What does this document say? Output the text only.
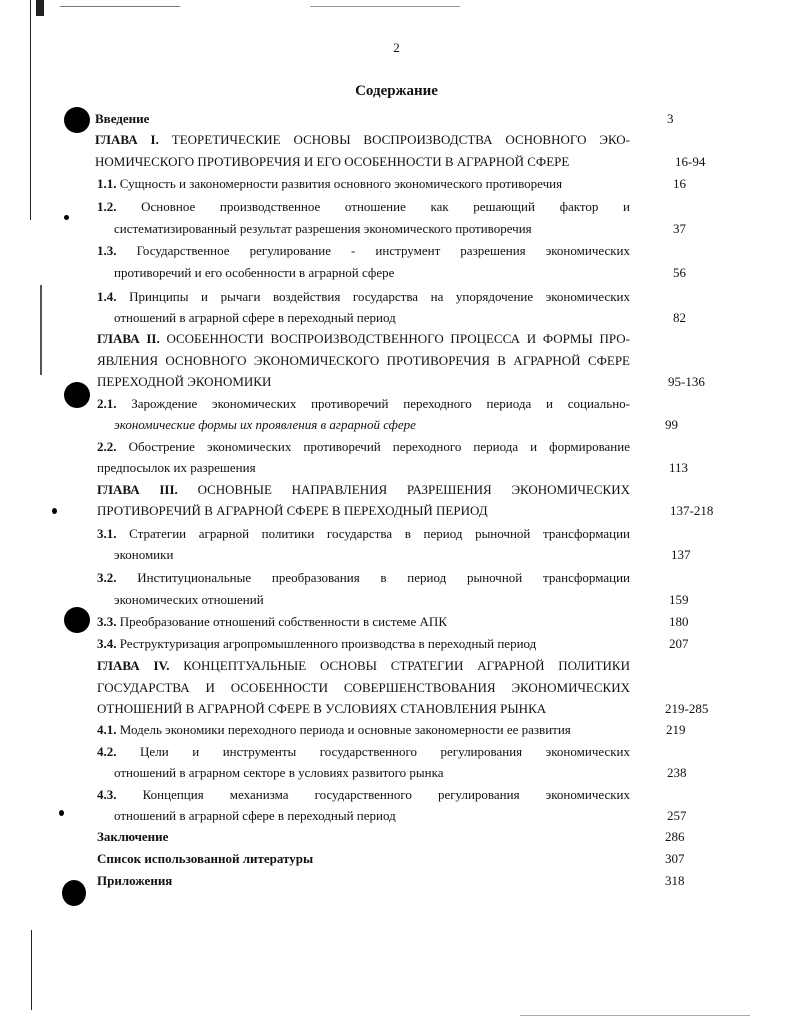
2
Содержание
Введение	3
ГЛАВА I. ТЕОРЕТИЧЕСКИЕ ОСНОВЫ ВОСПРОИЗВОДСТВА ОСНОВНОГО ЭКО-
НОМИЧЕСКОГО ПРОТИВОРЕЧИЯ И ЕГО ОСОБЕННОСТИ В АГРАРНОЙ СФЕРЕ	16-94
1.1. Сущность и закономерности развития основного экономического противоречия	16
1.2. Основное производственное отношение как решающий фактор и
систематизированный результат разрешения экономического противоречия	37
1.3. Государственное регулирование - инструмент разрешения экономических
противоречий и его особенности в аграрной сфере	56
1.4. Принципы и рычаги воздействия государства на упорядочение экономических
отношений в аграрной сфере в переходный период	82
ГЛАВА II. ОСОБЕННОСТИ ВОСПРОИЗВОДСТВЕННОГО ПРОЦЕССА И ФОРМЫ ПРО-
ЯВЛЕНИЯ ОСНОВНОГО ЭКОНОМИЧЕСКОГО ПРОТИВОРЕЧИЯ В АГРАРНОЙ СФЕРЕ
ПЕРЕХОДНОЙ ЭКОНОМИКИ	95-136
2.1. Зарождение экономических противоречий переходного периода и социально-
экономические формы их проявления в аграрной сфере	99
2.2. Обострение экономических противоречий переходного периода и формирование
предпосылок их разрешения	113
ГЛАВА III. ОСНОВНЫЕ НАПРАВЛЕНИЯ РАЗРЕШЕНИЯ ЭКОНОМИЧЕСКИХ
ПРОТИВОРЕЧИЙ В АГРАРНОЙ СФЕРЕ В ПЕРЕХОДНЫЙ ПЕРИОД	137-218
3.1. Стратегии аграрной политики государства в период рыночной трансформации
экономики	137
3.2. Институциональные преобразования в период рыночной трансформации
экономических отношений	159
3.3. Преобразование отношений собственности в системе АПК	180
3.4. Реструктуризация агропромышленного производства в переходный период	207
ГЛАВА IV. КОНЦЕПТУАЛЬНЫЕ ОСНОВЫ СТРАТЕГИИ АГРАРНОЙ ПОЛИТИКИ
ГОСУДАРСТВА И ОСОБЕННОСТИ СОВЕРШЕНСТВОВАНИЯ ЭКОНОМИЧЕСКИХ
ОТНОШЕНИЙ В АГРАРНОЙ СФЕРЕ В УСЛОВИЯХ СТАНОВЛЕНИЯ РЫНКА	219-285
4.1. Модель экономики переходного периода и основные закономерности ее развития	219
4.2. Цели и инструменты государственного регулирования экономических
отношений в аграрном секторе в условиях развитого рынка	238
4.3. Концепция механизма государственного регулирования экономических
отношений в аграрной сфере в переходный период	257
Заключение	286
Список использованной литературы	307
Приложения	318
